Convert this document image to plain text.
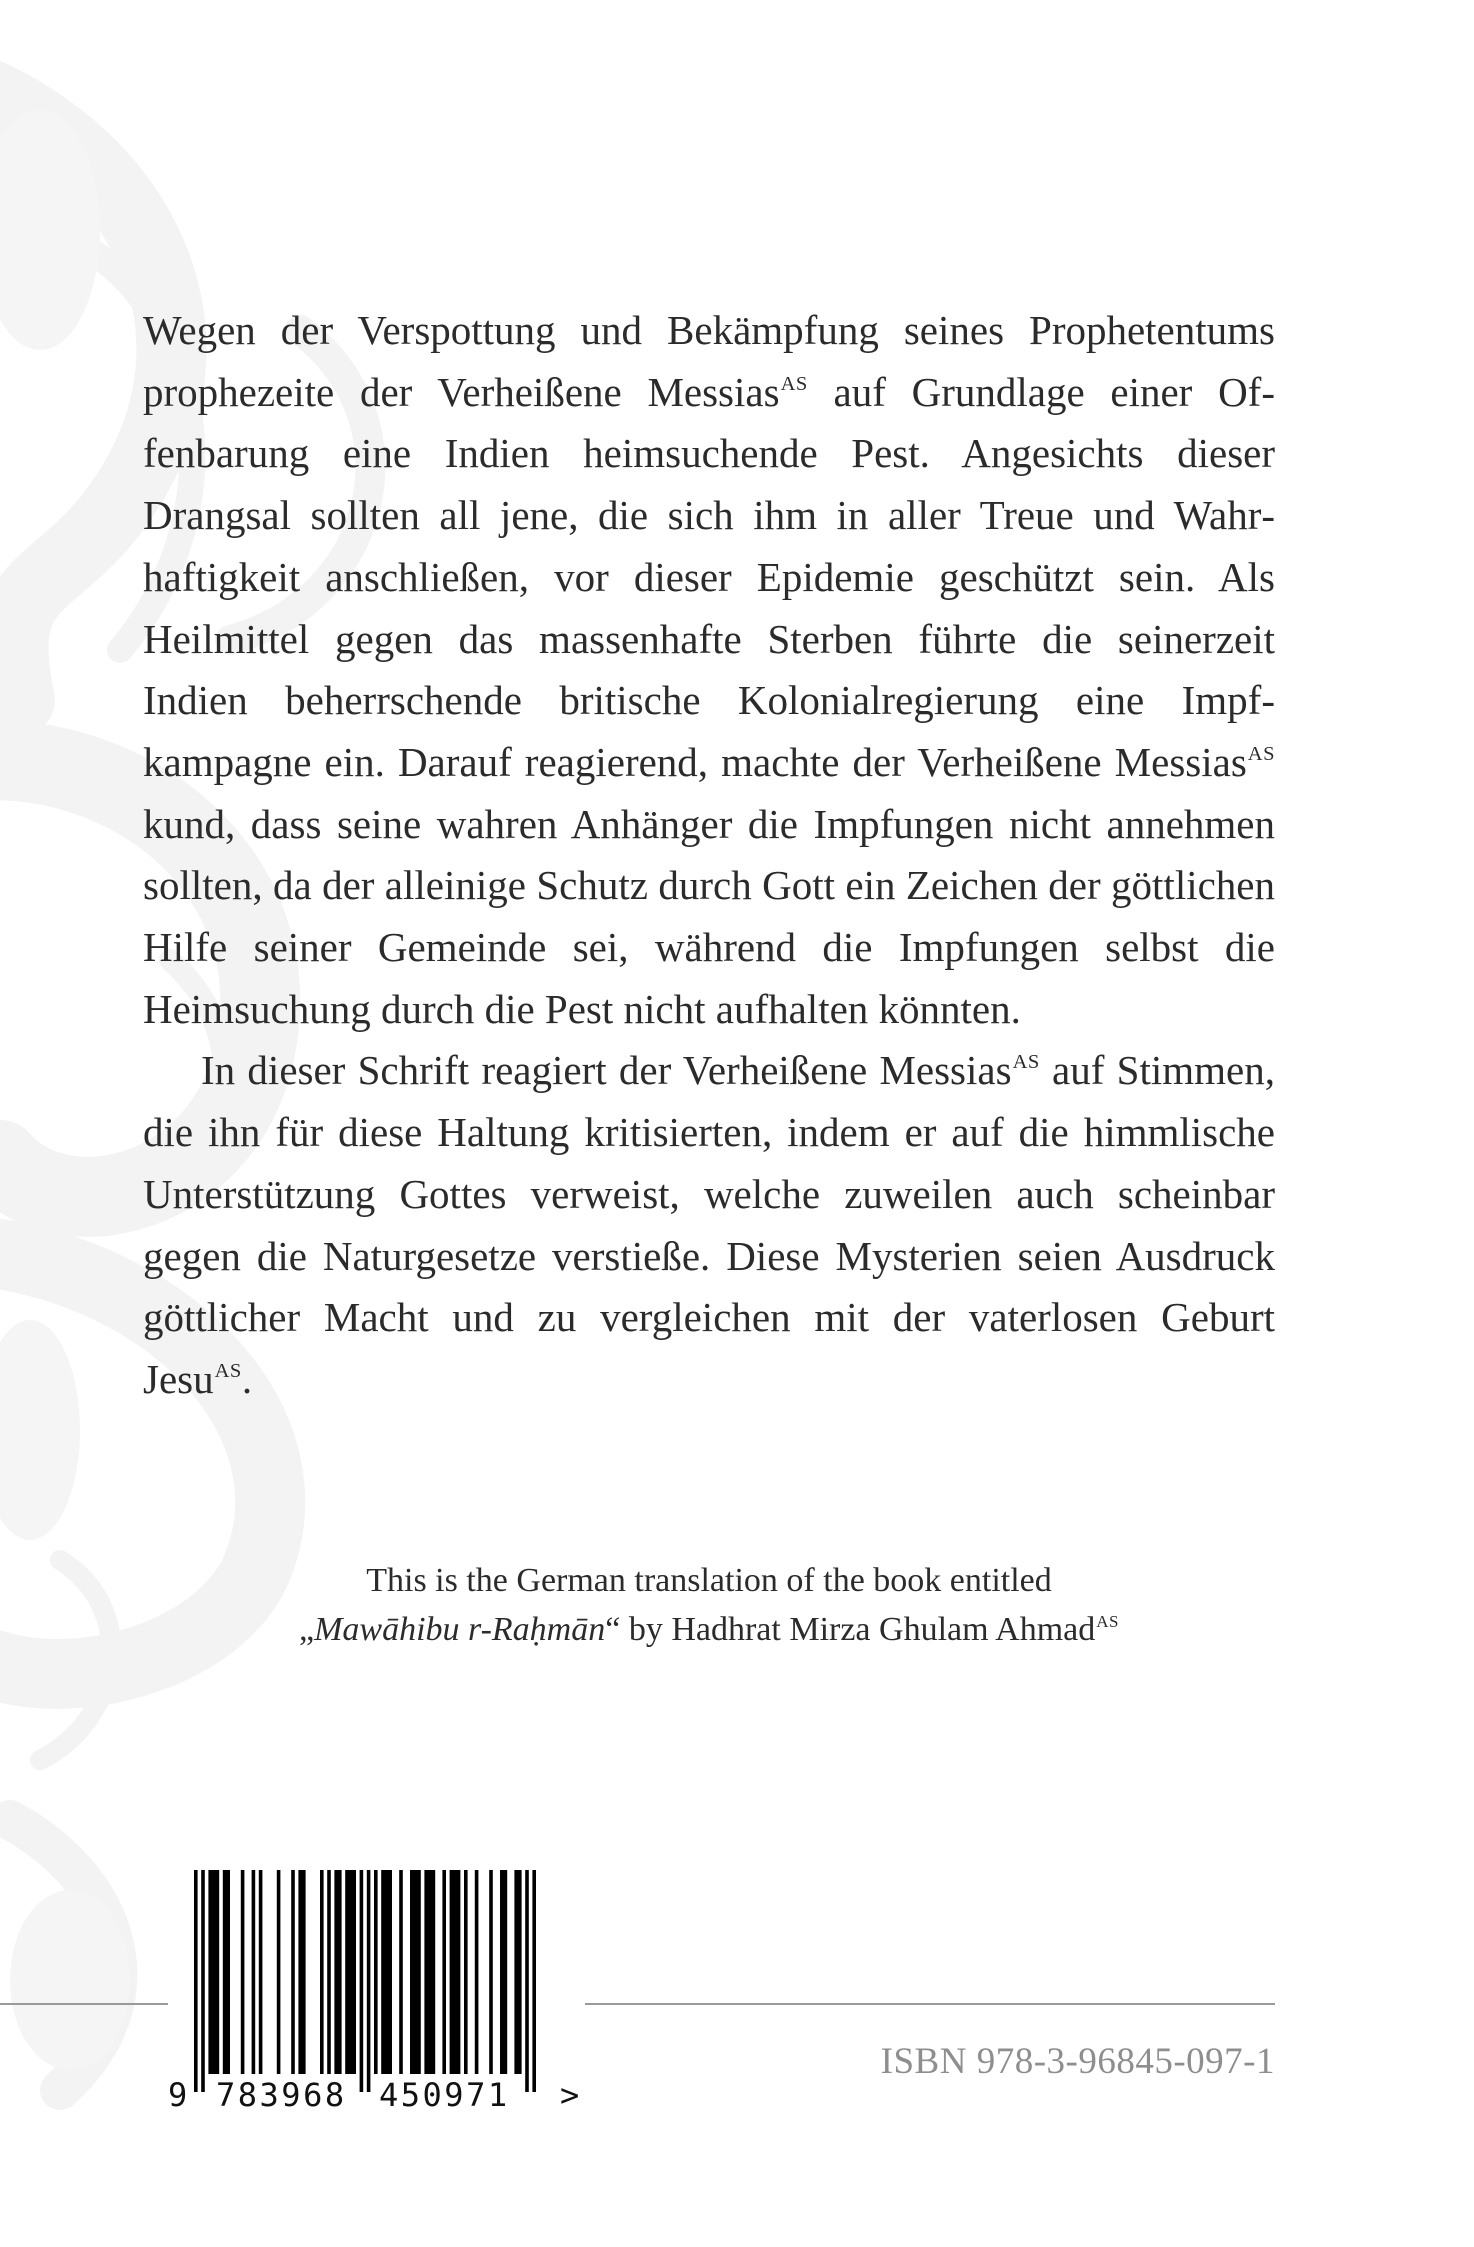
Wegen der Verspottung und Bekämpfung seines Prophetentums prophezeite der Verheißene Messias$^{AS}$ auf Grundlage einer Offenbarung eine Indien heimsuchende Pest. Angesichts dieser Drangsal sollten all jene, die sich ihm in aller Treue und Wahrhaftigkeit anschließen, vor dieser Epidemie geschützt sein. Als Heilmittel gegen das massenhafte Sterben führte die seinerzeit Indien beherrschende britische Kolonialregierung eine Impfkampagne ein. Darauf reagierend, machte der Verheißene Messias$^{AS}$ kund, dass seine wahren Anhänger die Impfungen nicht annehmen sollten, da der alleinige Schutz durch Gott ein Zeichen der göttlichen Hilfe seiner Gemeinde sei, während die Impfungen selbst die Heimsuchung durch die Pest nicht aufhalten könnten.

In dieser Schrift reagiert der Verheißene Messias$^{AS}$ auf Stimmen, die ihn für diese Haltung kritisierten, indem er auf die himmlische Unterstützung Gottes verweist, welche zuweilen auch scheinbar gegen die Naturgesetze verstieße. Diese Mysterien seien Ausdruck göttlicher Macht und zu vergleichen mit der vaterlosen Geburt Jesu$^{AS}$.

This is the German translation of the book entitled
„Mawāhibu r-Raḥmān“ by Hadhrat Mirza Ghulam Ahmad$^{AS}$
9 783968 450971 >
ISBN 978-3-96845-097-1
